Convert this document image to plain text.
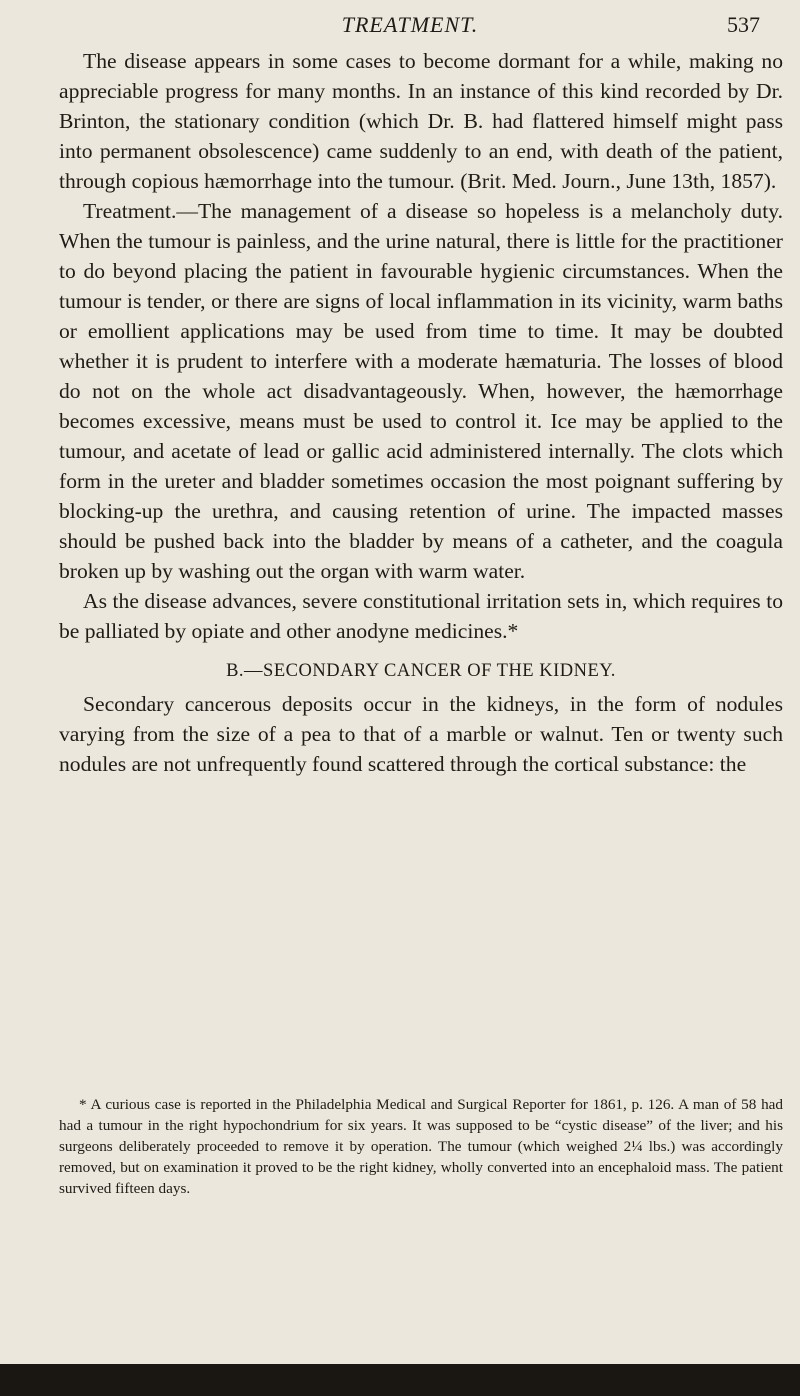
TREATMENT.	537

The disease appears in some cases to become dormant for a while, making no appreciable progress for many months. In an instance of this kind recorded by Dr. Brinton, the stationary condition (which Dr. B. had flattered himself might pass into permanent obsolescence) came suddenly to an end, with death of the patient, through copious hæmorrhage into the tumour. (Brit. Med. Journ., June 13th, 1857).

Treatment.—The management of a disease so hopeless is a melancholy duty. When the tumour is painless, and the urine natural, there is little for the practitioner to do beyond placing the patient in favourable hygienic circumstances. When the tumour is tender, or there are signs of local inflammation in its vicinity, warm baths or emollient applications may be used from time to time. It may be doubted whether it is prudent to interfere with a moderate hæmaturia. The losses of blood do not on the whole act disadvantageously. When, however, the hæmorrhage becomes excessive, means must be used to control it. Ice may be applied to the tumour, and acetate of lead or gallic acid administered internally. The clots which form in the ureter and bladder sometimes occasion the most poignant suffering by blocking-up the urethra, and causing retention of urine. The impacted masses should be pushed back into the bladder by means of a catheter, and the coagula broken up by washing out the organ with warm water.

As the disease advances, severe constitutional irritation sets in, which requires to be palliated by opiate and other anodyne medicines.*

B.—SECONDARY CANCER OF THE KIDNEY.

Secondary cancerous deposits occur in the kidneys, in the form of nodules varying from the size of a pea to that of a marble or walnut. Ten or twenty such nodules are not unfrequently found scattered through the cortical substance: the

* A curious case is reported in the Philadelphia Medical and Surgical Reporter for 1861, p. 126. A man of 58 had had a tumour in the right hypochondrium for six years. It was supposed to be “cystic disease” of the liver; and his surgeons deliberately proceeded to remove it by operation. The tumour (which weighed 2¼ lbs.) was accordingly removed, but on examination it proved to be the right kidney, wholly converted into an encephaloid mass. The patient survived fifteen days.
